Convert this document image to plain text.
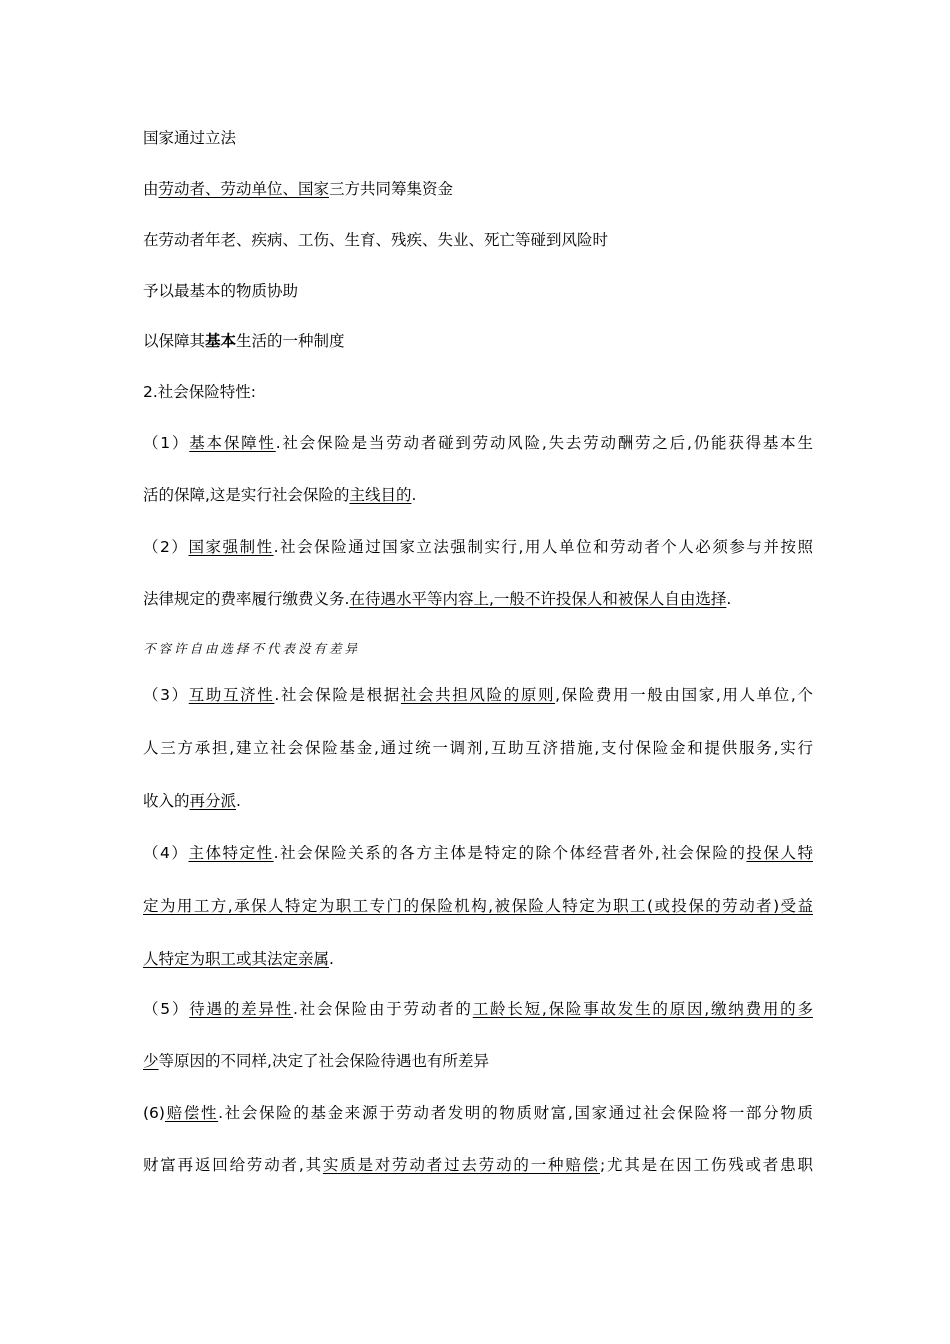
国家通过立法
由劳动者、劳动单位、国家三方共同筹集资金
在劳动者年老、疾病、工伤、生育、残疾、失业、死亡等碰到风险时
予以最基本的物质协助
以保障其基本生活的一种制度
2.社会保险特性:
（1）基本保障性.社会保险是当劳动者碰到劳动风险,失去劳动酬劳之后,仍能获得基本生
活的保障,这是实行社会保险的主线目的.
（2）国家强制性.社会保险通过国家立法强制实行,用人单位和劳动者个人必须参与并按照
法律规定的费率履行缴费义务.在待遇水平等内容上,一般不许投保人和被保人自由选择.
不容许自由选择不代表没有差异
（3）互助互济性.社会保险是根据社会共担风险的原则,保险费用一般由国家,用人单位,个
人三方承担,建立社会保险基金,通过统一调剂,互助互济措施,支付保险金和提供服务,实行
收入的再分派.
（4）主体特定性.社会保险关系的各方主体是特定的除个体经营者外,社会保险的投保人特
定为用工方,承保人特定为职工专门的保险机构,被保险人特定为职工(或投保的劳动者)受益
人特定为职工或其法定亲属.
（5）待遇的差异性.社会保险由于劳动者的工龄长短,保险事故发生的原因,缴纳费用的多
少等原因的不同样,决定了社会保险待遇也有所差异
(6)赔偿性.社会保险的基金来源于劳动者发明的物质财富,国家通过社会保险将一部分物质
财富再返回给劳动者,其实质是对劳动者过去劳动的一种赔偿;尤其是在因工伤残或者患职
